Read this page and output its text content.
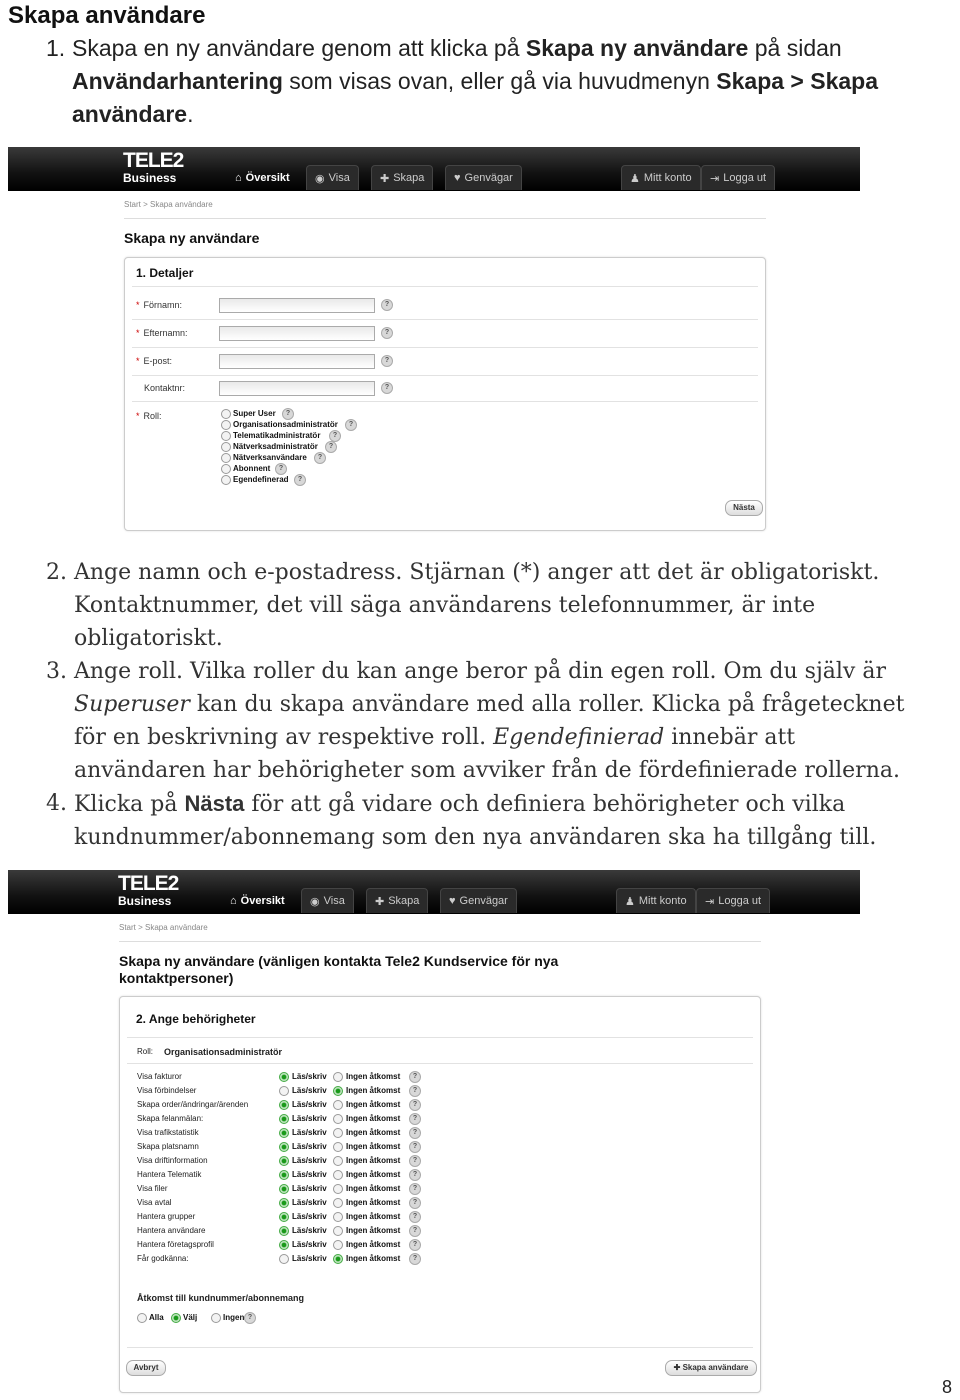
Skapa användare
1. Skapa en ny användare genom att klicka på Skapa ny användare på sidan Användarhantering som visas ovan, eller gå via huvudmenyn Skapa > Skapa användare.
TELE2
Business	⌂ Översikt ◉ Visa	✚ Skapa	♥ Genvägar	♟ Mitt konto ⇥ Logga ut
Start > Skapa användare
Skapa ny användare
1. Detaljer
* Förnamn:	?
* Efternamn:	?
* E-post:	?
Kontaktnr:	?
* Roll:	Super User	?
Organisationsadministratör	?
Telematikadministratör	?
Nätverksadministratör	?
Nätverksanvändare	?
Abonnent	?
Egendefinerad	?
Nästa
2. Ange namn och e-postadress. Stjärnan (*) anger att det är obligatoriskt. Kontaktnummer, det vill säga användarens telefonnummer, är inte obligatoriskt.
3. Ange roll. Vilka roller du kan ange beror på din egen roll. Om du själv är Superuser kan du skapa användare med alla roller. Klicka på frågetecknet för en beskrivning av respektive roll. Egendefinierad innebär att användaren har behörigheter som avviker från de fördefinierade rollerna.
4. Klicka på Nästa för att gå vidare och definiera behörigheter och vilka kundnummer/abonnemang som den nya användaren ska ha tillgång till.
TELE2
Business	⌂ Översikt ◉ Visa	✚ Skapa	♥ Genvägar	♟ Mitt konto ⇥ Logga ut
Start > Skapa användare
Skapa ny användare (vänligen kontakta Tele2 Kundservice för nya
kontaktpersoner)
2. Ange behörigheter
Roll: Organisationsadministratör
Visa fakturor	Läs/skriv Ingen åtkomst	?
Visa förbindelser	Läs/skriv Ingen åtkomst	?
Skapa order/ändringar/ärenden	Läs/skriv Ingen åtkomst	?
Skapa felanmälan:	Läs/skriv Ingen åtkomst	?
Visa trafikstatistik	Läs/skriv Ingen åtkomst	?
Skapa platsnamn	Läs/skriv Ingen åtkomst	?
Visa driftinformation	Läs/skriv Ingen åtkomst	?
Hantera Telematik	Läs/skriv Ingen åtkomst	?
Visa filer	Läs/skriv Ingen åtkomst	?
Visa avtal	Läs/skriv Ingen åtkomst	?
Hantera grupper	Läs/skriv Ingen åtkomst	?
Hantera användare	Läs/skriv Ingen åtkomst	?
Hantera företagsprofil	Läs/skriv Ingen åtkomst	?
Får godkänna:	Läs/skriv Ingen åtkomst	?
Åtkomst till kundnummer/abonnemang
Alla Välj	Ingen ?
Avbryt	✚ Skapa användare
8
